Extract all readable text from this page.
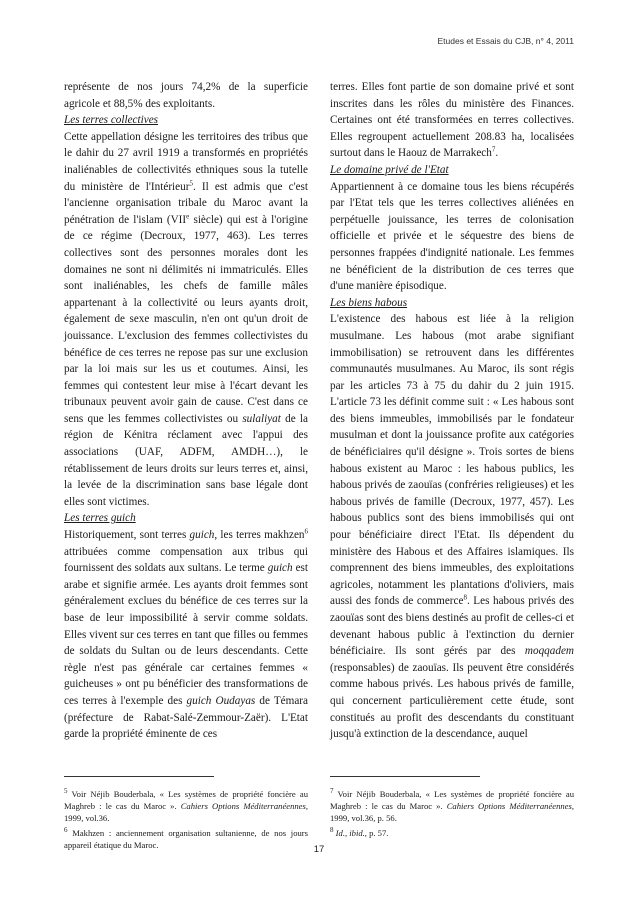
Etudes et Essais du CJB, n° 4, 2011

représente de nos jours 74,2% de la superficie agricole et 88,5% des exploitants.

Les terres collectives

Cette appellation désigne les territoires des tribus que le dahir du 27 avril 1919 a transformés en propriétés inaliénables de collectivités ethniques sous la tutelle du ministère de l'Intérieur$^5$. Il est admis que c'est l'ancienne organisation tribale du Maroc avant la pénétration de l'islam (VIIe siècle) qui est à l'origine de ce régime (Decroux, 1977, 463). Les terres collectives sont des personnes morales dont les domaines ne sont ni délimités ni immatriculés. Elles sont inaliénables, les chefs de famille mâles appartenant à la collectivité ou leurs ayants droit, également de sexe masculin, n'en ont qu'un droit de jouissance. L'exclusion des femmes collectivistes du bénéfice de ces terres ne repose pas sur une exclusion par la loi mais sur les us et coutumes. Ainsi, les femmes qui contestent leur mise à l'écart devant les tribunaux peuvent avoir gain de cause. C'est dans ce sens que les femmes collectivistes ou sulaliyat de la région de Kénitra réclament avec l'appui des associations (UAF, ADFM, AMDH…), le rétablissement de leurs droits sur leurs terres et, ainsi, la levée de la discrimination sans base légale dont elles sont victimes.

Les terres guich

Historiquement, sont terres guich, les terres makhzen$^6$ attribuées comme compensation aux tribus qui fournissent des soldats aux sultans. Le terme guich est arabe et signifie armée. Les ayants droit femmes sont généralement exclues du bénéfice de ces terres sur la base de leur impossibilité à servir comme soldats. Elles vivent sur ces terres en tant que filles ou femmes de soldats du Sultan ou de leurs descendants. Cette règle n'est pas générale car certaines femmes « guicheuses » ont pu bénéficier des transformations de ces terres à l'exemple des guich Oudayas de Témara (préfecture de Rabat-Salé-Zemmour-Zaër). L'Etat garde la propriété éminente de ces

terres. Elles font partie de son domaine privé et sont inscrites dans les rôles du ministère des Finances. Certaines ont été transformées en terres collectives. Elles regroupent actuellement 208.83 ha, localisées surtout dans le Haouz de Marrakech$^7$.

Le domaine privé de l'Etat

Appartiennent à ce domaine tous les biens récupérés par l'Etat tels que les terres collectives aliénées en perpétuelle jouissance, les terres de colonisation officielle et privée et le séquestre des biens de personnes frappées d'indignité nationale. Les femmes ne bénéficient de la distribution de ces terres que d'une manière épisodique.

Les biens habous

L'existence des habous est liée à la religion musulmane. Les habous (mot arabe signifiant immobilisation) se retrouvent dans les différentes communautés musulmanes. Au Maroc, ils sont régis par les articles 73 à 75 du dahir du 2 juin 1915. L'article 73 les définit comme suit : « Les habous sont des biens immeubles, immobilisés par le fondateur musulman et dont la jouissance profite aux catégories de bénéficiaires qu'il désigne ». Trois sortes de biens habous existent au Maroc : les habous publics, les habous privés de zaouïas (confréries religieuses) et les habous privés de famille (Decroux, 1977, 457). Les habous publics sont des biens immobilisés qui ont pour bénéficiaire direct l'Etat. Ils dépendent du ministère des Habous et des Affaires islamiques. Ils comprennent des biens immeubles, des exploitations agricoles, notamment les plantations d'oliviers, mais aussi des fonds de commerce$^8$. Les habous privés des zaouïas sont des biens destinés au profit de celles-ci et devenant habous public à l'extinction du dernier bénéficiaire. Ils sont gérés par des moqqadem (responsables) de zaouïas. Ils peuvent être considérés comme habous privés. Les habous privés de famille, qui concernent particulièrement cette étude, sont constitués au profit des descendants du constituant jusqu'à extinction de la descendance, auquel

$^5$ Voir Néjib Bouderbala, « Les systèmes de propriété foncière au Maghreb : le cas du Maroc ». Cahiers Options Méditerranéennes, 1999, vol.36.

$^6$ Makhzen : anciennement organisation sultanienne, de nos jours appareil étatique du Maroc.

$^7$ Voir Néjib Bouderbala, « Les systèmes de propriété foncière au Maghreb : le cas du Maroc ». Cahiers Options Méditerranéennes, 1999, vol.36, p. 56.

$^8$ Id., ibid., p. 57.

17
